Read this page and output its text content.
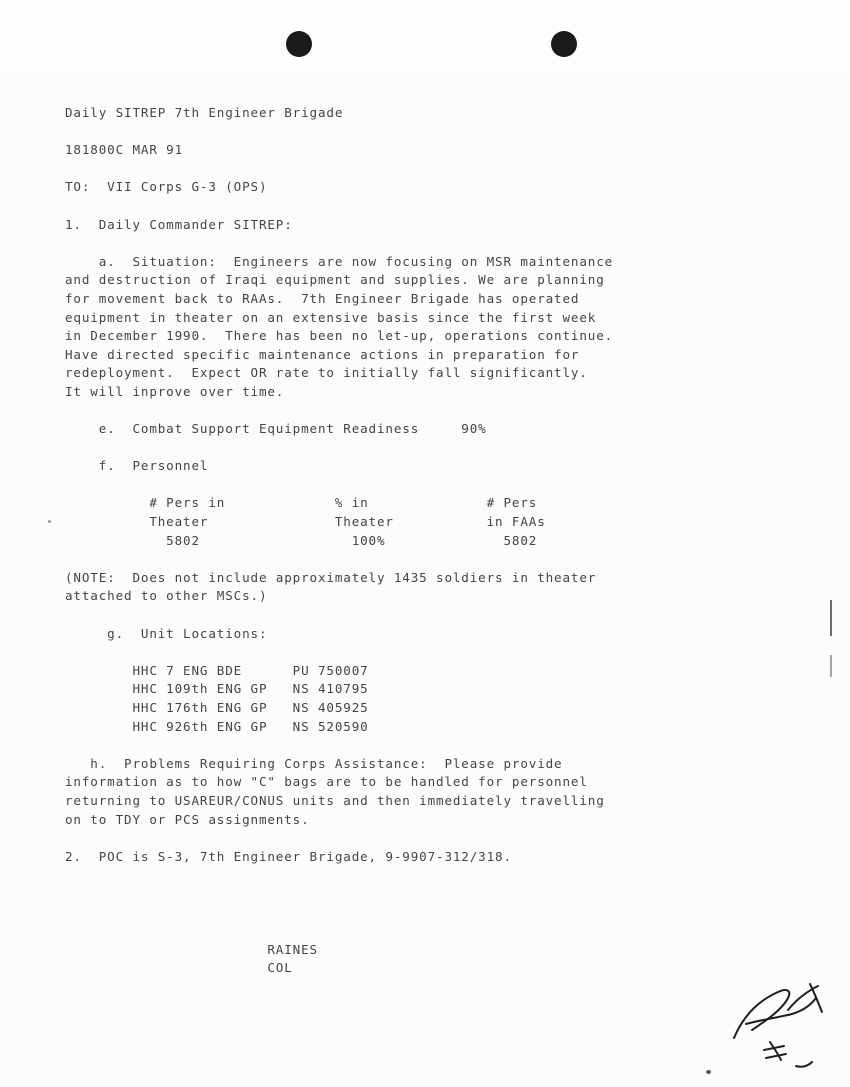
Daily SITREP 7th Engineer Brigade

181800C MAR 91

TO:  VII Corps G-3 (OPS)

1.  Daily Commander SITREP:

a.  Situation:  Engineers are now focusing on MSR maintenance
and destruction of Iraqi equipment and supplies. We are planning
for movement back to RAAs.  7th Engineer Brigade has operated
equipment in theater on an extensive basis since the first week
in December 1990.  There has been no let-up, operations continue.
Have directed specific maintenance actions in preparation for
redeployment.  Expect OR rate to initially fall significantly.
It will inprove over time.

e.  Combat Support Equipment Readiness     90%

f.  Personnel

# Pers in             % in              # Pers
Theater               Theater           in FAAs
5802                  100%              5802

(NOTE:  Does not include approximately 1435 soldiers in theater
attached to other MSCs.)

g.  Unit Locations:

HHC 7 ENG BDE      PU 750007
HHC 109th ENG GP   NS 410795
HHC 176th ENG GP   NS 405925
HHC 926th ENG GP   NS 520590

h.  Problems Requiring Corps Assistance:  Please provide
information as to how "C" bags are to be handled for personnel
returning to USAREUR/CONUS units and then immediately travelling
on to TDY or PCS assignments.

2.  POC is S-3, 7th Engineer Brigade, 9-9907-312/318.

RAINES
COL
